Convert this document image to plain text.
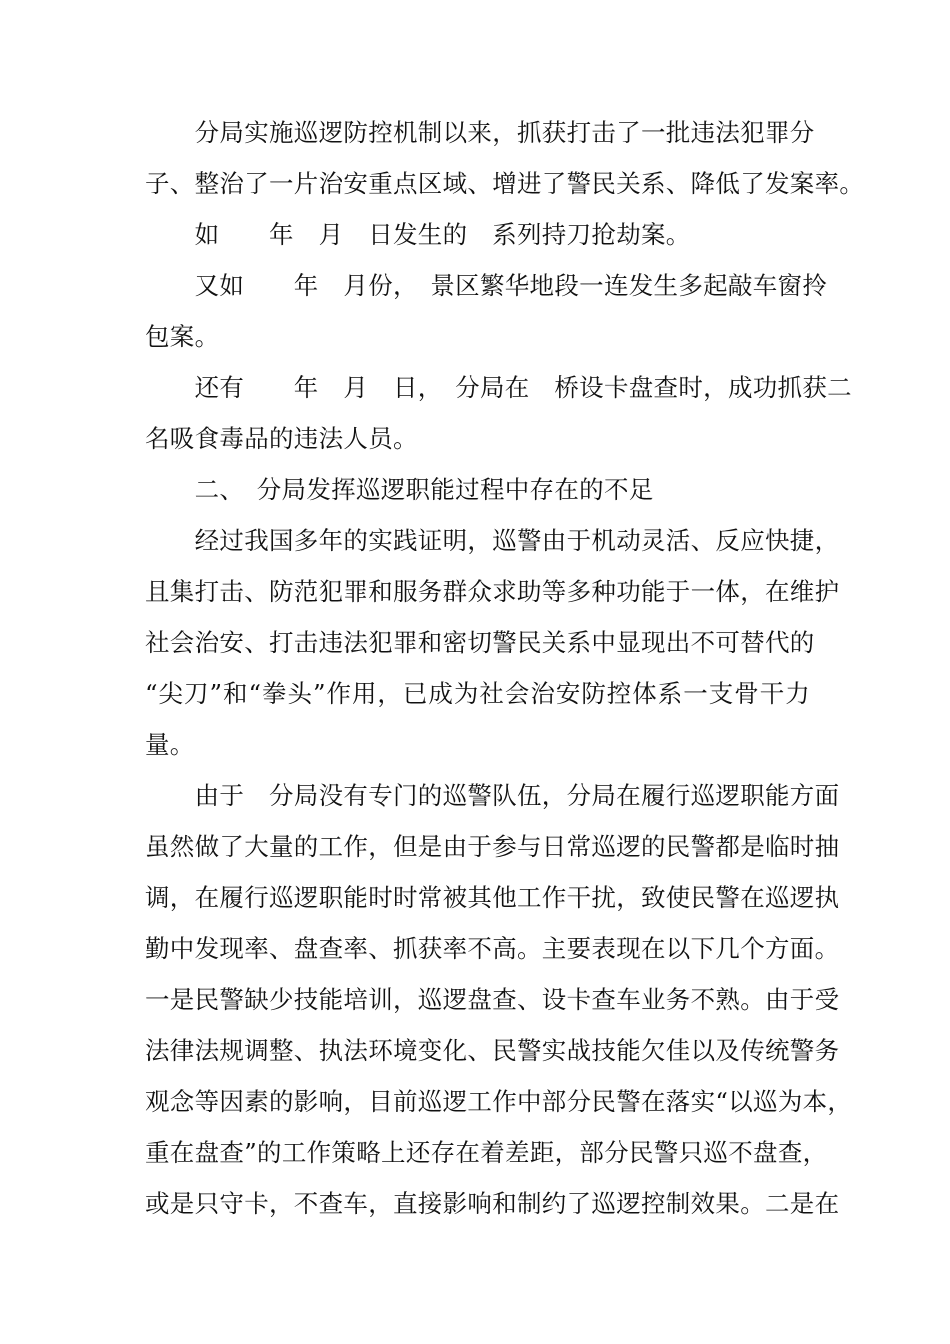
　　分局实施巡逻防控机制以来，抓获打击了一批违法犯罪分
子、整治了一片治安重点区域、增进了警民关系、降低了发案率。
　　如　　年　月　日发生的　系列持刀抢劫案。
　　又如　　年　月份，　景区繁华地段一连发生多起敲车窗拎
包案。
　　还有　　年　月　日，　分局在　桥设卡盘查时，成功抓获二
名吸食毒品的违法人员。
　　二、　分局发挥巡逻职能过程中存在的不足
　　经过我国多年的实践证明，巡警由于机动灵活、反应快捷，
且集打击、防范犯罪和服务群众求助等多种功能于一体，在维护
社会治安、打击违法犯罪和密切警民关系中显现出不可替代的
“尖刀”和“拳头”作用，已成为社会治安防控体系一支骨干力
量。
　　由于　分局没有专门的巡警队伍，分局在履行巡逻职能方面
虽然做了大量的工作，但是由于参与日常巡逻的民警都是临时抽
调，在履行巡逻职能时时常被其他工作干扰，致使民警在巡逻执
勤中发现率、盘查率、抓获率不高。主要表现在以下几个方面。
一是民警缺少技能培训，巡逻盘查、设卡查车业务不熟。由于受
法律法规调整、执法环境变化、民警实战技能欠佳以及传统警务
观念等因素的影响，目前巡逻工作中部分民警在落实“以巡为本，
重在盘查”的工作策略上还存在着差距，部分民警只巡不盘查，
或是只守卡，不查车，直接影响和制约了巡逻控制效果。二是在
